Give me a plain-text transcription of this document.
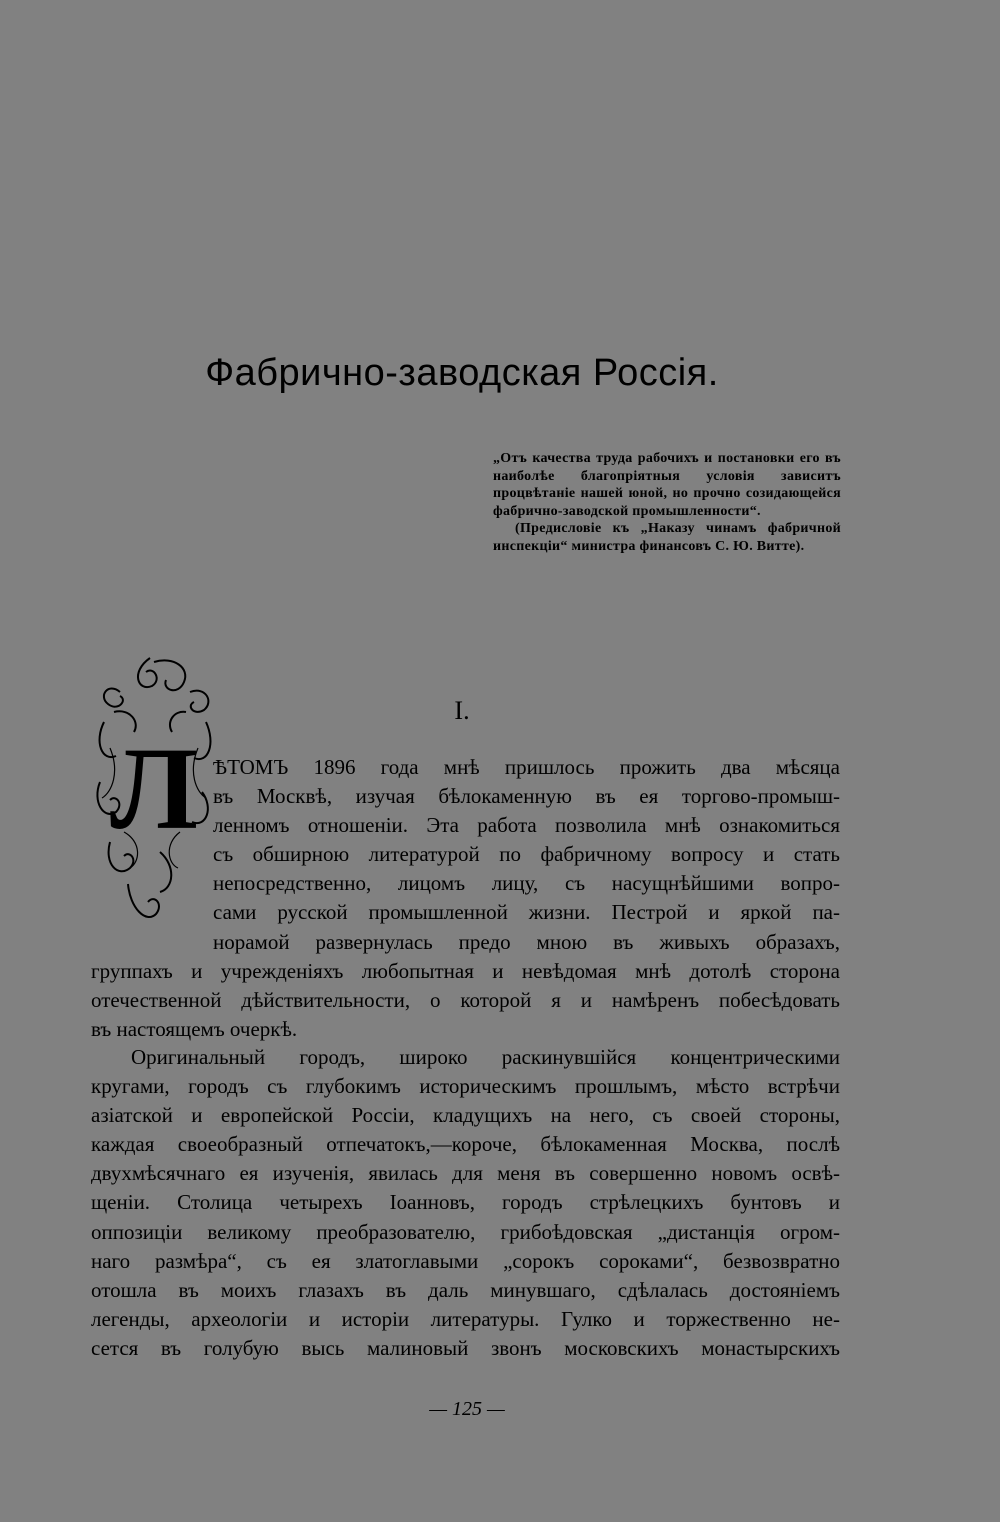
Фабрично-заводская Россія.

„Отъ качества труда рабочихъ и постановки его въ наиболѣе благопріятныя условія зависитъ процвѣтаніе нашей юной, но прочно созидающейся фабрично-заводской промышленности“.

(Предисловіе къ „Наказу чинамъ фабричной инспекціи“ министра финансовъ С. Ю. Витте).

Л
I.
ѢТОМЪ 1896 года мнѣ пришлось прожить два мѣсяца
въ Москвѣ, изучая бѣлокаменную въ ея торгово-промыш-
ленномъ отношеніи. Эта работа позволила мнѣ ознакомиться
съ обширною литературой по фабричному вопросу и стать
непосредственно, лицомъ лицу, съ насущнѣйшими вопро-
сами русской промышленной жизни. Пестрой и яркой па-
норамой развернулась предо мною въ живыхъ образахъ,
группахъ и учрежденіяхъ любопытная и невѣдомая мнѣ дотолѣ сторона
отечественной дѣйствительности, о которой я и намѣренъ побесѣдовать
въ настоящемъ очеркѣ.
Оригинальный городъ, широко раскинувшійся концентрическими
кругами, городъ съ глубокимъ историческимъ прошлымъ, мѣсто встрѣчи
азіатской и европейской Россіи, кладущихъ на него, съ своей стороны,
каждая своеобразный отпечатокъ,—короче, бѣлокаменная Москва, послѣ
двухмѣсячнаго ея изученія, явилась для меня въ совершенно новомъ освѣ-
щеніи. Столица четырехъ Іоанновъ, городъ стрѣлецкихъ бунтовъ и
оппозиціи великому преобразователю, грибоѣдовская „дистанція огром-
наго размѣра“, съ ея златоглавыми „сорокъ сороками“, безвозвратно
отошла въ моихъ глазахъ въ даль минувшаго, сдѣлалась достояніемъ
легенды, археологіи и исторіи литературы. Гулко и торжественно не-
сется въ голубую высь малиновый звонъ московскихъ монастырскихъ
— 125 —
